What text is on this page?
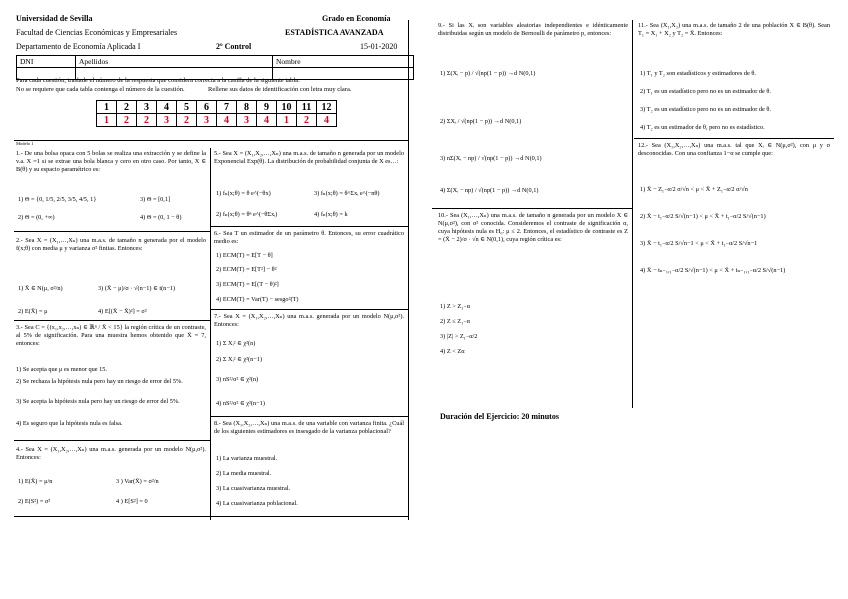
Universidad de Sevilla
Facultad de Ciencias Económicas y Empresariales
Departamento de Economía Aplicada I
Grado en Economía
ESTADÍSTICA AVANZADA
2º Control	15-01-2020
DNI	Apellidos	Nombre

Para cada cuestión, traslade el número de la respuesta que considera correcta a la casilla de la siguiente tabla.
No se requiere que cada tabla contenga el número de la cuestión.	Rellene sus datos de identificación con letra muy clara.
1	2	3	4	5	6	7	8	9	10	11	12
1	2	2	3	2	3	4	3	4	1	2	4
Modelo 1
1.- De una bolsa opaca con 5 bolas se realiza una extracción y se define la v.a. X =1 si se extrae una bola blanca y cero en otro caso. Por tanto, X ∈ B(θ) y su espacio paramétrico es:
1) Θ = {0, 1/5, 2/5, 3/5, 4/5, 1}	3) Θ = [0,1]
2) Θ = (0, +∞)	4) Θ = (0, 1 − θ)
2.- Sea X = (X₁,…,Xₙ) una m.a.s. de tamaño n generada por el modelo f(x;θ) con media μ y varianza σ² finitas. Entonces:
1) X̄ ∈ N(μ, σ²/n)	3) (X̄ − μ)/σ · √(n−1) ∈ t(n−1)
2) E(X̄) = μ	4) E[(X̄ − X̄)²] = σ²
3.- Sea C = {(x₁,x₂,…,xₙ) ∈ ℝⁿ / X̄ < 15} la región crítica de un contraste, al 5% de significación. Para una muestra hemos obtenido que X̄ = 7, entonces:
1) Se acepta que μ es menor que 15.
2) Se rechaza la hipótesis nula pero hay un riesgo de error del 5%.
3) Se acepta la hipótesis nula pero hay un riesgo de error del 5%.
4) Es seguro que la hipótesis nula es falsa.
4.- Sea X = (X₁,X₂,…,Xₙ) una m.a.s. generada por un modelo N(μ,σ²). Entonces:
1) E(X̄) = μ/n	3 ) Var(X̄) = σ²/n
2) E(S²) = σ²	4 ) E[S²] = 0
5.- Sea X = (X₁,X₂,…,Xₙ) una m.a.s. de tamaño n generada por un modelo Exponencial Exp(θ). La distribución de probabilidad conjunta de X es…:
1) fₙ(x;θ) = θ e^(−θx)	3) fₙ(x;θ) = θ^Σxᵢ e^(−nθ)
2) fₙ(x;θ) = θⁿ e^(−θΣxᵢ)	4) fₙ(x;θ) = k
6.- Sea T un estimador de un parámetro θ. Entonces, su error cuadrático medio es:
1) ECM(T) = E[T − θ]
2) ECM(T) = E[T²] − θ²
3) ECM(T) = E[(T − θ)²]
4) ECM(T) = Var(T) − sesgo²(T)
7.- Sea X = (X₁,X₂,…,Xₙ) una m.a.s. generada por un modelo N(μ,σ²). Entonces:
1) Σ Xᵢ² ∈ χ²(n)
2) Σ Xᵢ² ∈ χ²(n−1)
3) nS²/σ² ∈ χ²(n)
4) nS²/σ² ∈ χ²(n−1)
8.- Sea (X₁,X₂,…,Xₙ) una m.a.s. de una variable con varianza finita. ¿Cuál de los siguientes estimadores es insesgado de la varianza poblacional?
1) La varianza muestral.
2) La media muestral.
3) La cuasivarianza muestral.
4) La cuasivarianza poblacional.
9.- Si las Xᵢ son variables aleatorias independientes e idénticamente distribuidas según un modelo de Bernoulli de parámetro p, entonces:
1) Σ(Xᵢ − p) / √(np(1 − p)) →d N(0,1)
2) ΣXᵢ / √(np(1 − p)) →d N(0,1)
3) nΣ(Xᵢ − np) / √(np(1 − p)) →d N(0,1)
4) Σ(Xᵢ − np) / √(np(1 − p)) →d N(0,1)
10.- Sea (X₁,…,Xₙ) una m.a.s. de tamaño n generada por un modelo X ∈ N(μ,σ²), con σ² conocida. Consideremos el contraste de significación α, cuya hipótesis nula es H₀: μ ≤ 2. Entonces, el estadístico de contraste es Z = (X̄ − 2)/σ · √n ∈ N(0,1), cuya región crítica es:
1) Z > Z₁₋α
2) Z ≤ Z₁₋α
3) |Z| > Z₁₋α/2
4) Z < Zα
Duración del Ejercicio: 20 minutos
11.- Sea (X₁,X₂) una m.a.s. de tamaño 2 de una población X ∈ B(θ). Sean T₁ = X₁ + X₂ y T₂ = X̄. Entonces:
1) T₁ y T₂ son estadísticos y estimadores de θ.
2) T₁ es un estadístico pero no es un estimador de θ.
3) T₂ es un estadístico pero no es un estimador de θ.
4) T₂ es un estimador de θ, pero no es estadístico.
12.- Sea (X₁,X₂,…,Xₙ) una m.a.s. tal que Xᵢ ∈ N(μ,σ²), con μ y σ desconocidas. Con una confianza 1−α se cumple que:
1) X̄ − Z₁₋α/2 σ/√n < μ < X̄ + Z₁₋α/2 σ/√n
2) X̄ − t₁₋α/2 S/√(n−1) < μ < X̄ + t₁₋α/2 S/√(n−1)
3) X̄ − t₁₋α/2 S/√n−1 < μ < X̄ + t₁₋α/2 S/√n−1
4) X̄ − tₙ₋₁,₁₋α/2 S/√(n−1) < μ < X̄ + tₙ₋₁,₁₋α/2 S/√(n−1)
